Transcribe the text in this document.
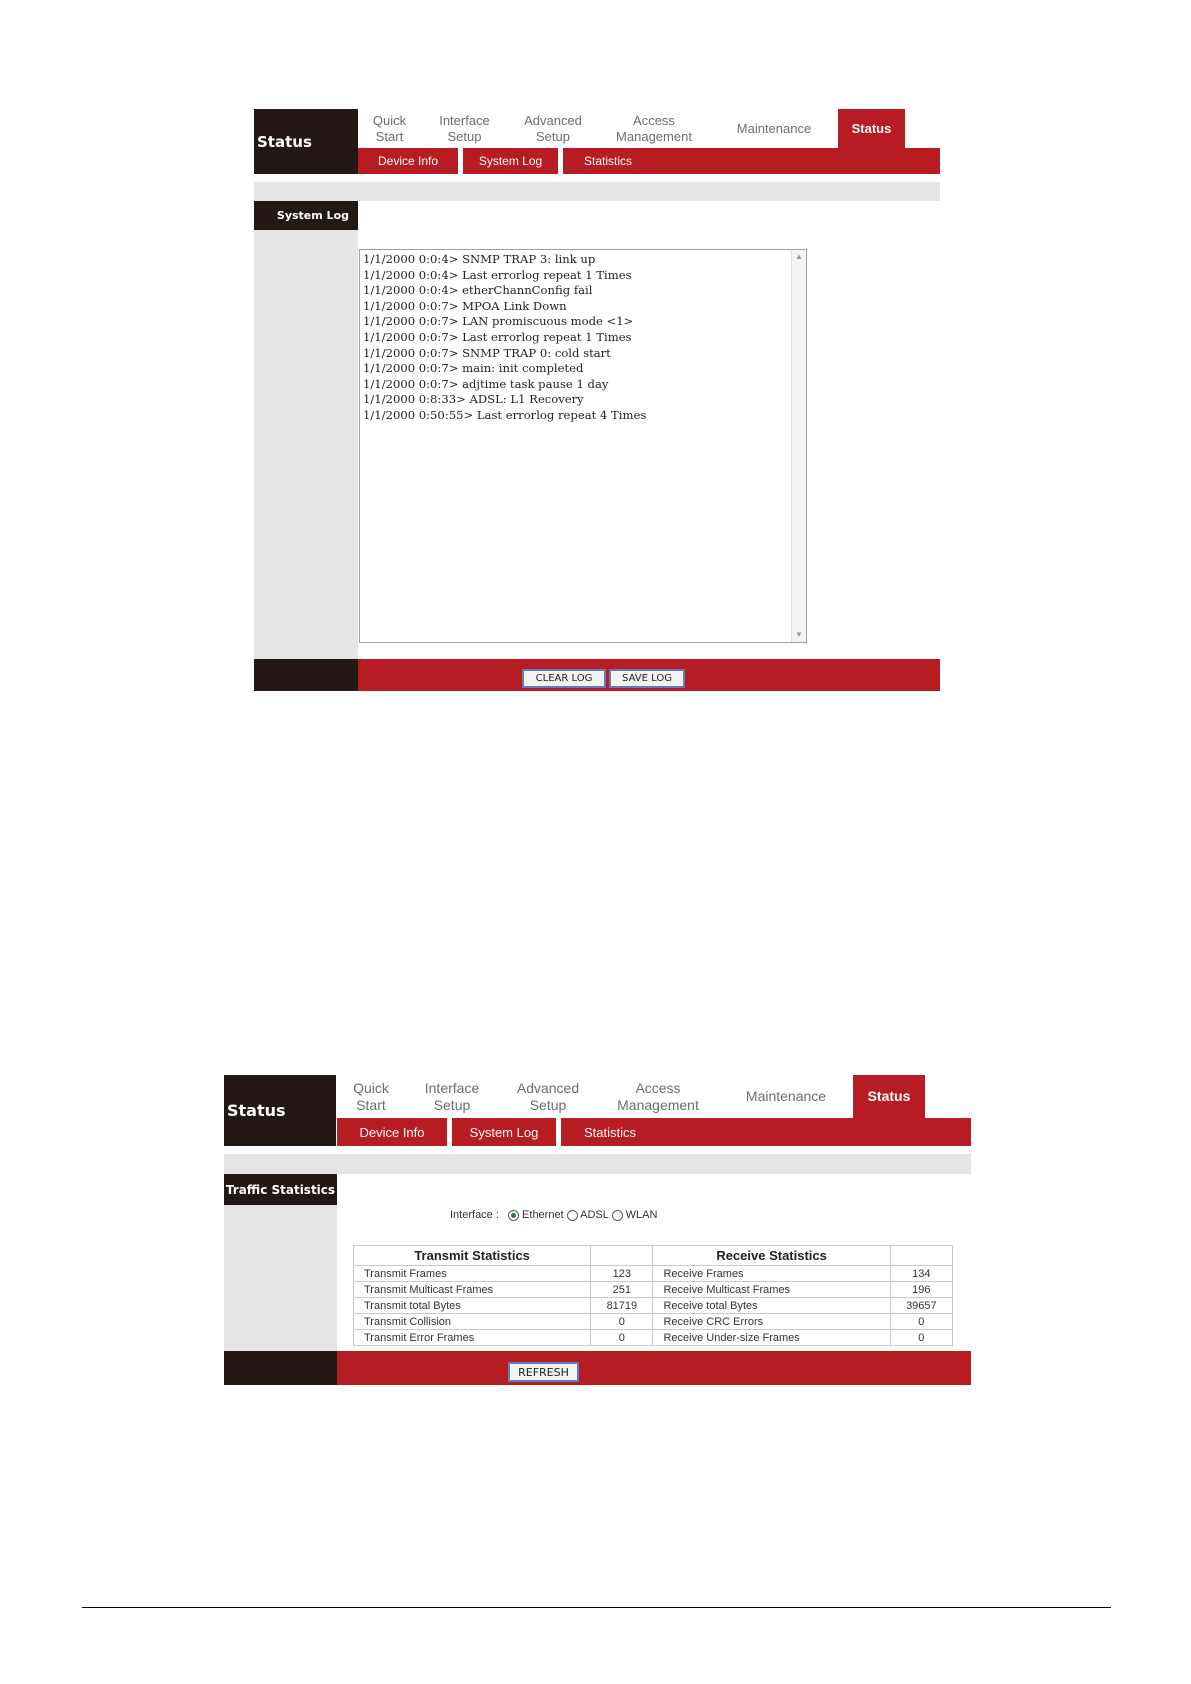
Status
Quick
Start
Interface
Setup
Advanced
Setup
Access
Management
Maintenance	Status
Device Info	System Log	Statistics
System Log
1/1/2000 0:0:4> SNMP TRAP 3: link up
1/1/2000 0:0:4> Last errorlog repeat 1 Times
1/1/2000 0:0:4> etherChannConfig fail
1/1/2000 0:0:7> MPOA Link Down
1/1/2000 0:0:7> LAN promiscuous mode <1>
1/1/2000 0:0:7> Last errorlog repeat 1 Times
1/1/2000 0:0:7> SNMP TRAP 0: cold start
1/1/2000 0:0:7> main: init completed
1/1/2000 0:0:7> adjtime task pause 1 day
1/1/2000 0:8:33> ADSL: L1 Recovery
1/1/2000 0:50:55> Last errorlog repeat 4 Times
▲
▼
CLEAR LOG	SAVE LOG
Status
Quick
Start
Interface
Setup
Advanced
Setup
Access
Management
Maintenance	Status
Device Info	System Log	Statistics
Traffic Statistics
Interface : Ethernet ADSL WLAN
Transmit Statistics		Receive Statistics	
Transmit Frames	123	Receive Frames	134
Transmit Multicast Frames	251	Receive Multicast Frames	196
Transmit total Bytes	81719	Receive total Bytes	39657
Transmit Collision	0	Receive CRC Errors	0
Transmit Error Frames	0	Receive Under-size Frames	0
REFRESH
